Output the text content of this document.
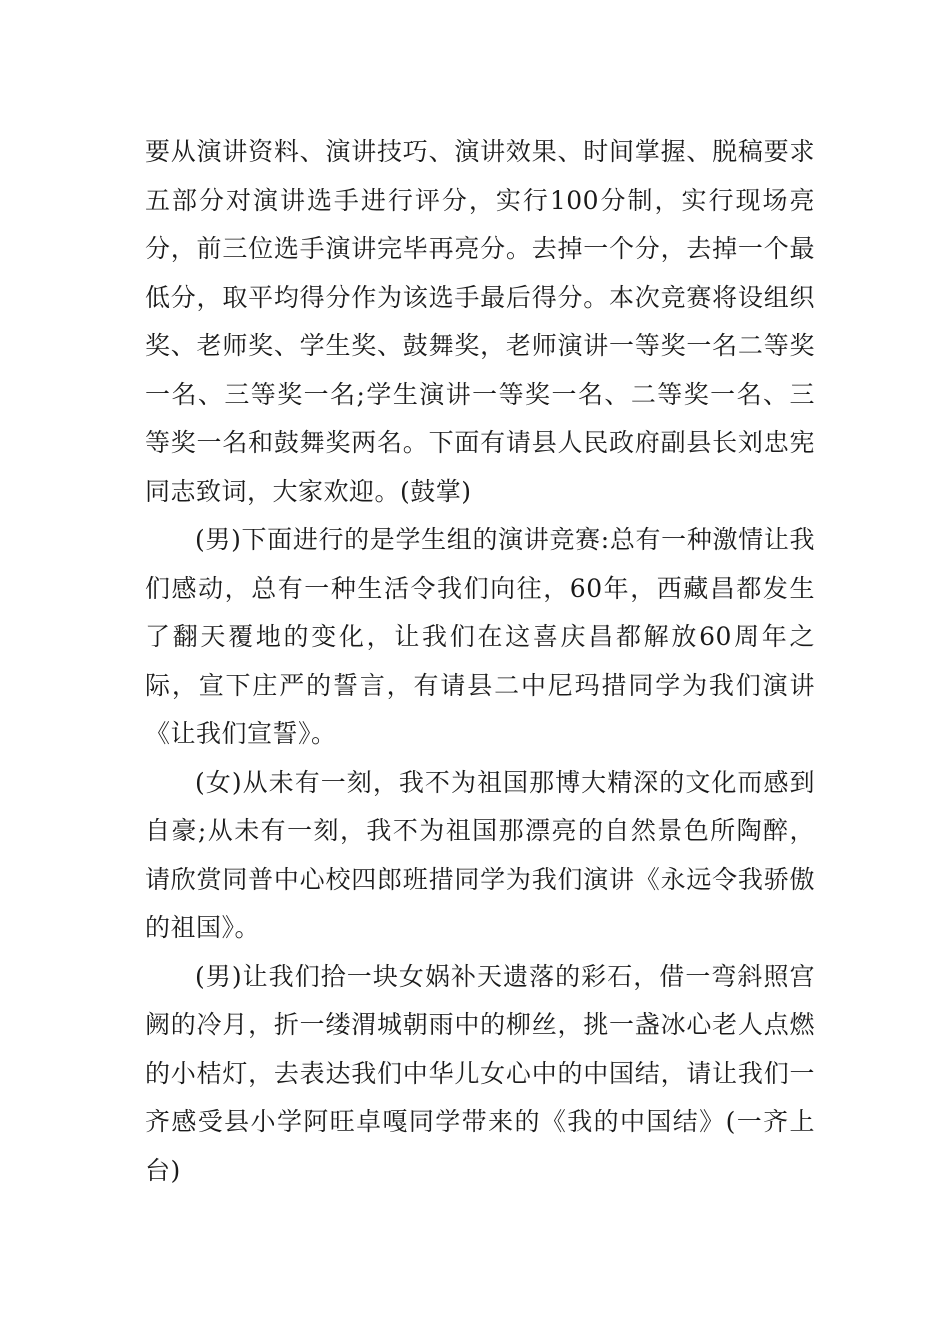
要从演讲资料、演讲技巧、演讲效果、时间掌握、脱稿要求五部分对演讲选手进行评分，实行100分制，实行现场亮分，前三位选手演讲完毕再亮分。去掉一个分，去掉一个最低分，取平均得分作为该选手最后得分。本次竞赛将设组织奖、老师奖、学生奖、鼓舞奖，老师演讲一等奖一名二等奖一名、三等奖一名;学生演讲一等奖一名、二等奖一名、三等奖一名和鼓舞奖两名。下面有请县人民政府副县长刘忠宪同志致词，大家欢迎。(鼓掌)

(男)下面进行的是学生组的演讲竞赛:总有一种激情让我们感动，总有一种生活令我们向往，60年，西藏昌都发生了翻天覆地的变化，让我们在这喜庆昌都解放60周年之际，宣下庄严的誓言，有请县二中尼玛措同学为我们演讲《让我们宣誓》。

(女)从未有一刻，我不为祖国那博大精深的文化而感到自豪;从未有一刻，我不为祖国那漂亮的自然景色所陶醉，请欣赏同普中心校四郎班措同学为我们演讲《永远令我骄傲的祖国》。

(男)让我们拾一块女娲补天遗落的彩石，借一弯斜照宫阙的冷月，折一缕渭城朝雨中的柳丝，挑一盏冰心老人点燃的小桔灯，去表达我们中华儿女心中的中国结，请让我们一齐感受县小学阿旺卓嘎同学带来的《我的中国结》(一齐上台)
